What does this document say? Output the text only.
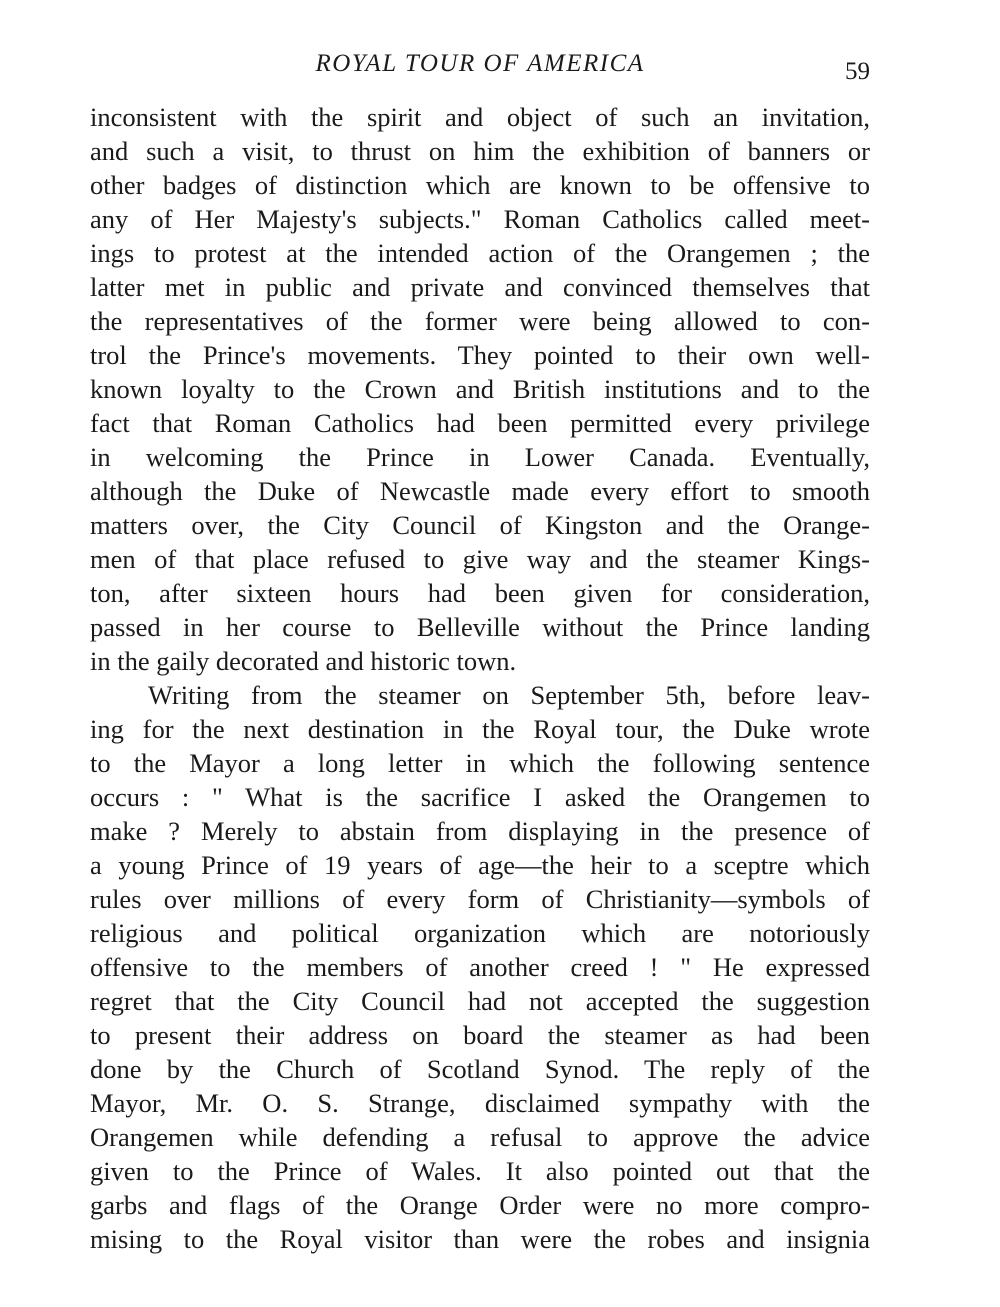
ROYAL TOUR OF AMERICA	59
inconsistent with the spirit and object of such an invitation,
and such a visit, to thrust on him the exhibition of banners or
other badges of distinction which are known to be offensive to
any of Her Majesty's subjects." Roman Catholics called meet-
ings to protest at the intended action of the Orangemen ; the
latter met in public and private and convinced themselves that
the representatives of the former were being allowed to con-
trol the Prince's movements. They pointed to their own well-
known loyalty to the Crown and British institutions and to the
fact that Roman Catholics had been permitted every privilege
in welcoming the Prince in Lower Canada. Eventually,
although the Duke of Newcastle made every effort to smooth
matters over, the City Council of Kingston and the Orange-
men of that place refused to give way and the steamer Kings-
ton, after sixteen hours had been given for consideration,
passed in her course to Belleville without the Prince landing
in the gaily decorated and historic town.
Writing from the steamer on September 5th, before leav-
ing for the next destination in the Royal tour, the Duke wrote
to the Mayor a long letter in which the following sentence
occurs : " What is the sacrifice I asked the Orangemen to
make ? Merely to abstain from displaying in the presence of
a young Prince of 19 years of age—the heir to a sceptre which
rules over millions of every form of Christianity—symbols of
religious and political organization which are notoriously
offensive to the members of another creed ! " He expressed
regret that the City Council had not accepted the suggestion
to present their address on board the steamer as had been
done by the Church of Scotland Synod. The reply of the
Mayor, Mr. O. S. Strange, disclaimed sympathy with the
Orangemen while defending a refusal to approve the advice
given to the Prince of Wales. It also pointed out that the
garbs and flags of the Orange Order were no more compro-
mising to the Royal visitor than were the robes and insignia
